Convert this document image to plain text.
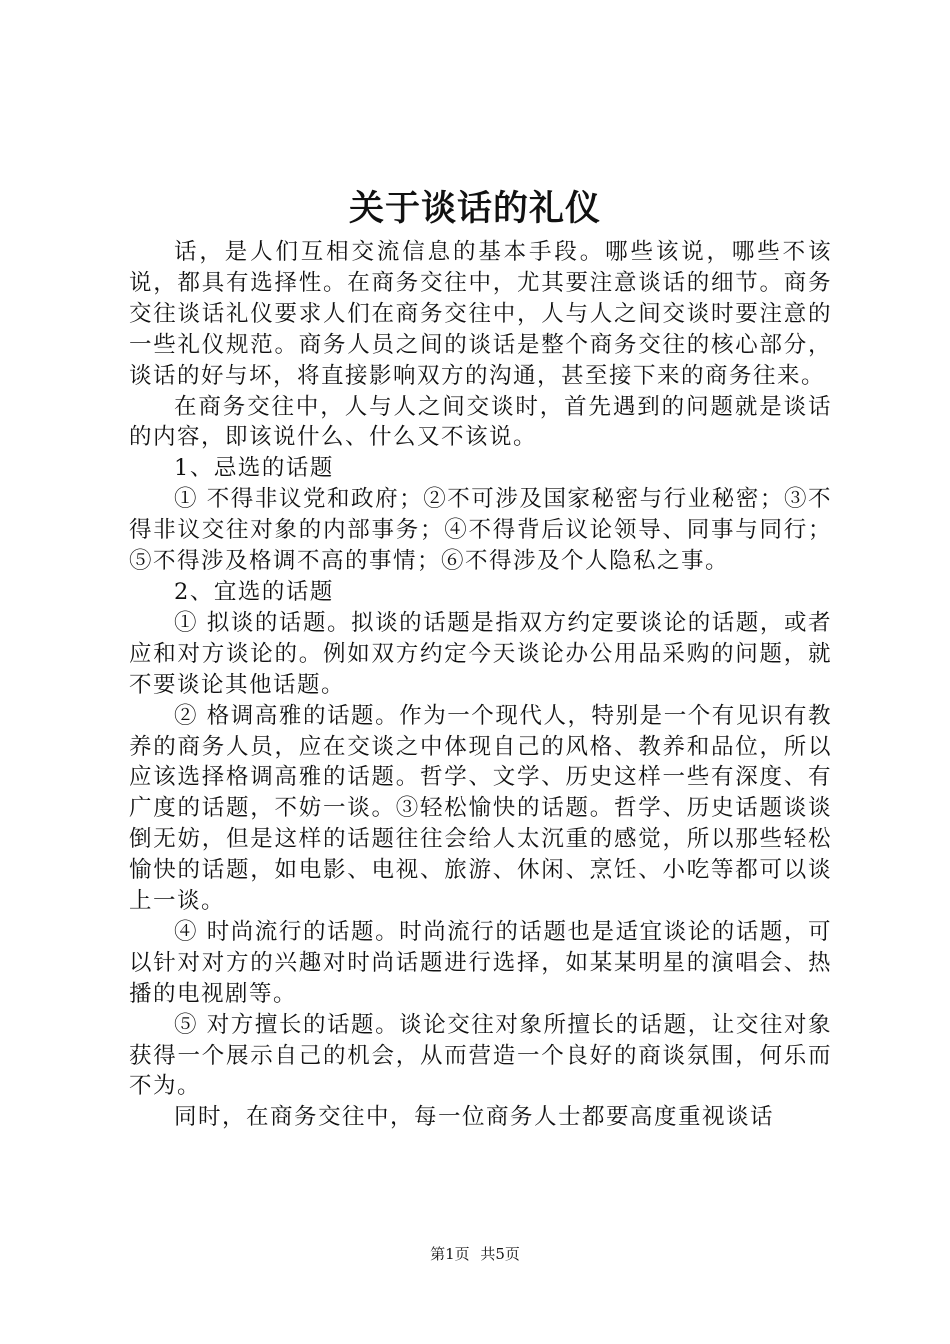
关于谈话的礼仪

话，是人们互相交流信息的基本手段。哪些该说，哪些不该说，都具有选择性。在商务交往中，尤其要注意谈话的细节。商务交往谈话礼仪要求人们在商务交往中，人与人之间交谈时要注意的一些礼仪规范。商务人员之间的谈话是整个商务交往的核心部分，谈话的好与坏，将直接影响双方的沟通，甚至接下来的商务往来。

在商务交往中，人与人之间交谈时，首先遇到的问题就是谈话的内容，即该说什么、什么又不该说。

1、忌选的话题

① 不得非议党和政府；②不可涉及国家秘密与行业秘密；③不得非议交往对象的内部事务；④不得背后议论领导、同事与同行；⑤不得涉及格调不高的事情；⑥不得涉及个人隐私之事。

2、宜选的话题

① 拟谈的话题。拟谈的话题是指双方约定要谈论的话题，或者应和对方谈论的。例如双方约定今天谈论办公用品采购的问题，就不要谈论其他话题。

② 格调高雅的话题。作为一个现代人，特别是一个有见识有教养的商务人员，应在交谈之中体现自己的风格、教养和品位，所以应该选择格调高雅的话题。哲学、文学、历史这样一些有深度、有广度的话题，不妨一谈。③轻松愉快的话题。哲学、历史话题谈谈倒无妨，但是这样的话题往往会给人太沉重的感觉，所以那些轻松愉快的话题，如电影、电视、旅游、休闲、烹饪、小吃等都可以谈上一谈。

④ 时尚流行的话题。时尚流行的话题也是适宜谈论的话题，可以针对对方的兴趣对时尚话题进行选择，如某某明星的演唱会、热播的电视剧等。

⑤ 对方擅长的话题。谈论交往对象所擅长的话题，让交往对象获得一个展示自己的机会，从而营造一个良好的商谈氛围，何乐而不为。

同时，在商务交往中，每一位商务人士都要高度重视谈话

第1页 共5页
